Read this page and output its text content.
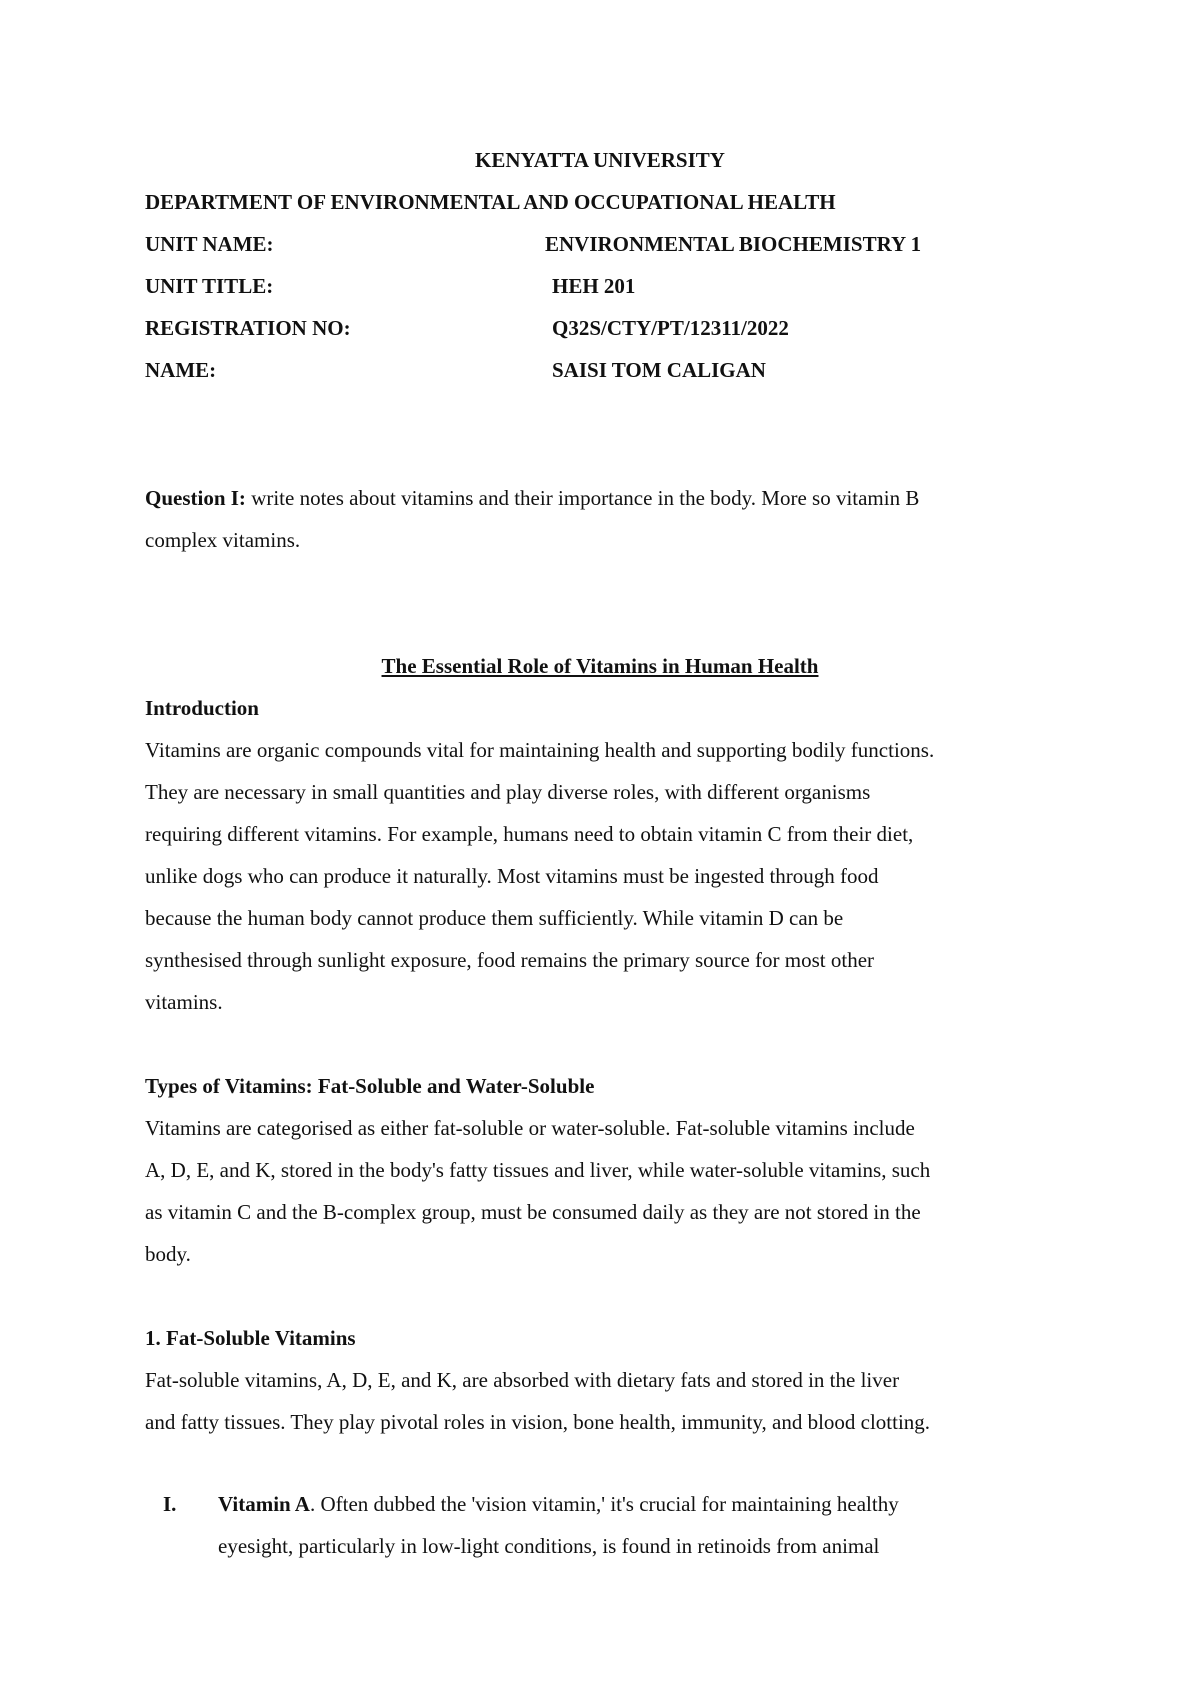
KENYATTA UNIVERSITY
DEPARTMENT OF ENVIRONMENTAL AND OCCUPATIONAL HEALTH
UNIT NAME:	ENVIRONMENTAL BIOCHEMISTRY 1
UNIT TITLE:	HEH 201
REGISTRATION NO:	Q32S/CTY/PT/12311/2022
NAME:	SAISI TOM CALIGAN
Question I: write notes about vitamins and their importance in the body. More so vitamin B
complex vitamins.
The Essential Role of Vitamins in Human Health
Introduction
Vitamins are organic compounds vital for maintaining health and supporting bodily functions.
They are necessary in small quantities and play diverse roles, with different organisms
requiring different vitamins. For example, humans need to obtain vitamin C from their diet,
unlike dogs who can produce it naturally. Most vitamins must be ingested through food
because the human body cannot produce them sufficiently. While vitamin D can be
synthesised through sunlight exposure, food remains the primary source for most other
vitamins.
Types of Vitamins: Fat-Soluble and Water-Soluble
Vitamins are categorised as either fat-soluble or water-soluble. Fat-soluble vitamins include
A, D, E, and K, stored in the body's fatty tissues and liver, while water-soluble vitamins, such
as vitamin C and the B-complex group, must be consumed daily as they are not stored in the
body.
1. Fat-Soluble Vitamins
Fat-soluble vitamins, A, D, E, and K, are absorbed with dietary fats and stored in the liver
and fatty tissues. They play pivotal roles in vision, bone health, immunity, and blood clotting.
I. Vitamin A. Often dubbed the 'vision vitamin,' it's crucial for maintaining healthy
eyesight, particularly in low-light conditions, is found in retinoids from animal
